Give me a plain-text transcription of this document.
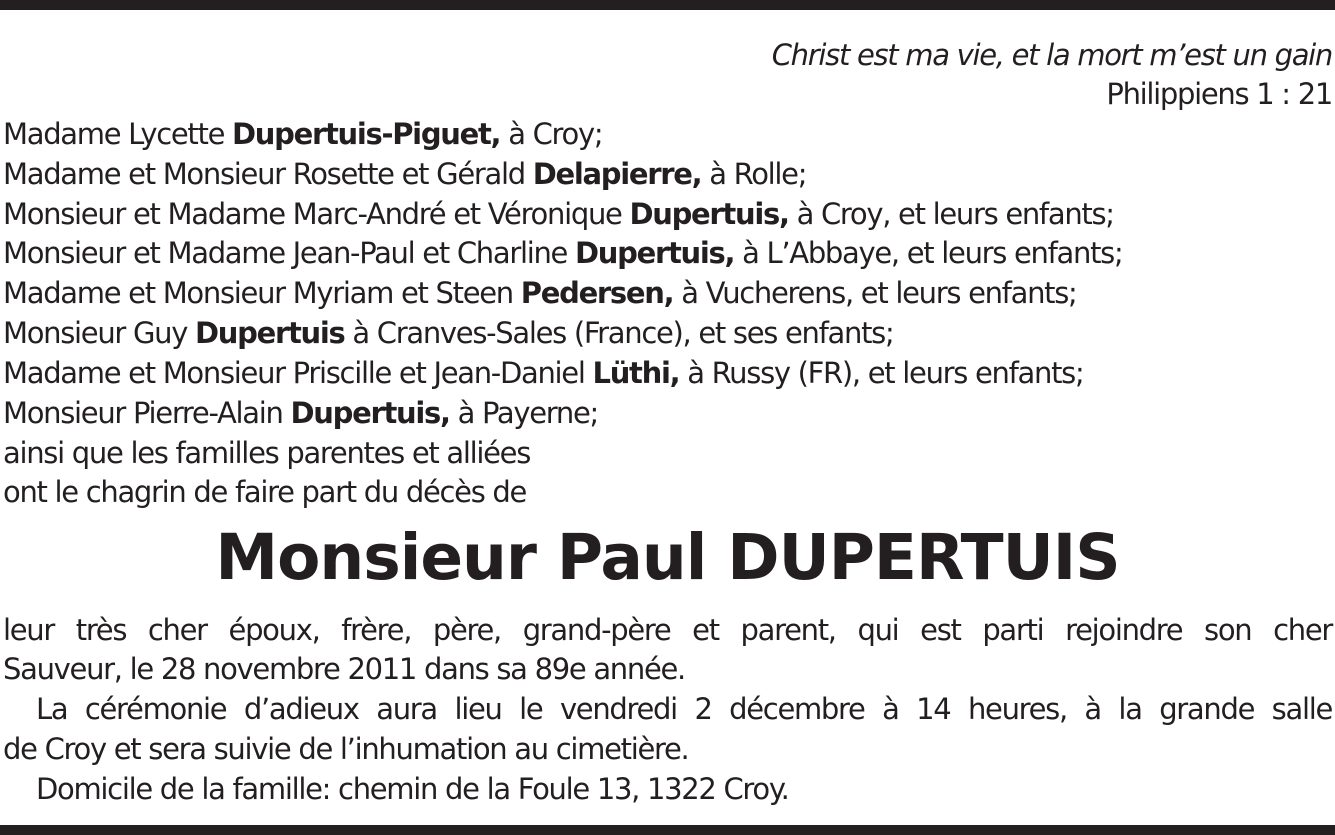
Christ est ma vie, et la mort m’est un gain
Philippiens 1 : 21
Madame Lycette Dupertuis-Piguet, à Croy;
Madame et Monsieur Rosette et Gérald Delapierre, à Rolle;
Monsieur et Madame Marc-André et Véronique Dupertuis, à Croy, et leurs enfants;
Monsieur et Madame Jean-Paul et Charline Dupertuis, à L’Abbaye, et leurs enfants;
Madame et Monsieur Myriam et Steen Pedersen, à Vucherens, et leurs enfants;
Monsieur Guy Dupertuis à Cranves-Sales (France), et ses enfants;
Madame et Monsieur Priscille et Jean-Daniel Lüthi, à Russy (FR), et leurs enfants;
Monsieur Pierre-Alain Dupertuis, à Payerne;
ainsi que les familles parentes et alliées
ont le chagrin de faire part du décès de
Monsieur Paul DUPERTUIS
leur très cher époux, frère, père, grand-père et parent, qui est parti rejoindre son cher
Sauveur, le 28 novembre 2011 dans sa 89e année.
La cérémonie d’adieux aura lieu le vendredi 2 décembre à 14 heures, à la grande salle
de Croy et sera suivie de l’inhumation au cimetière.
Domicile de la famille: chemin de la Foule 13, 1322 Croy.
